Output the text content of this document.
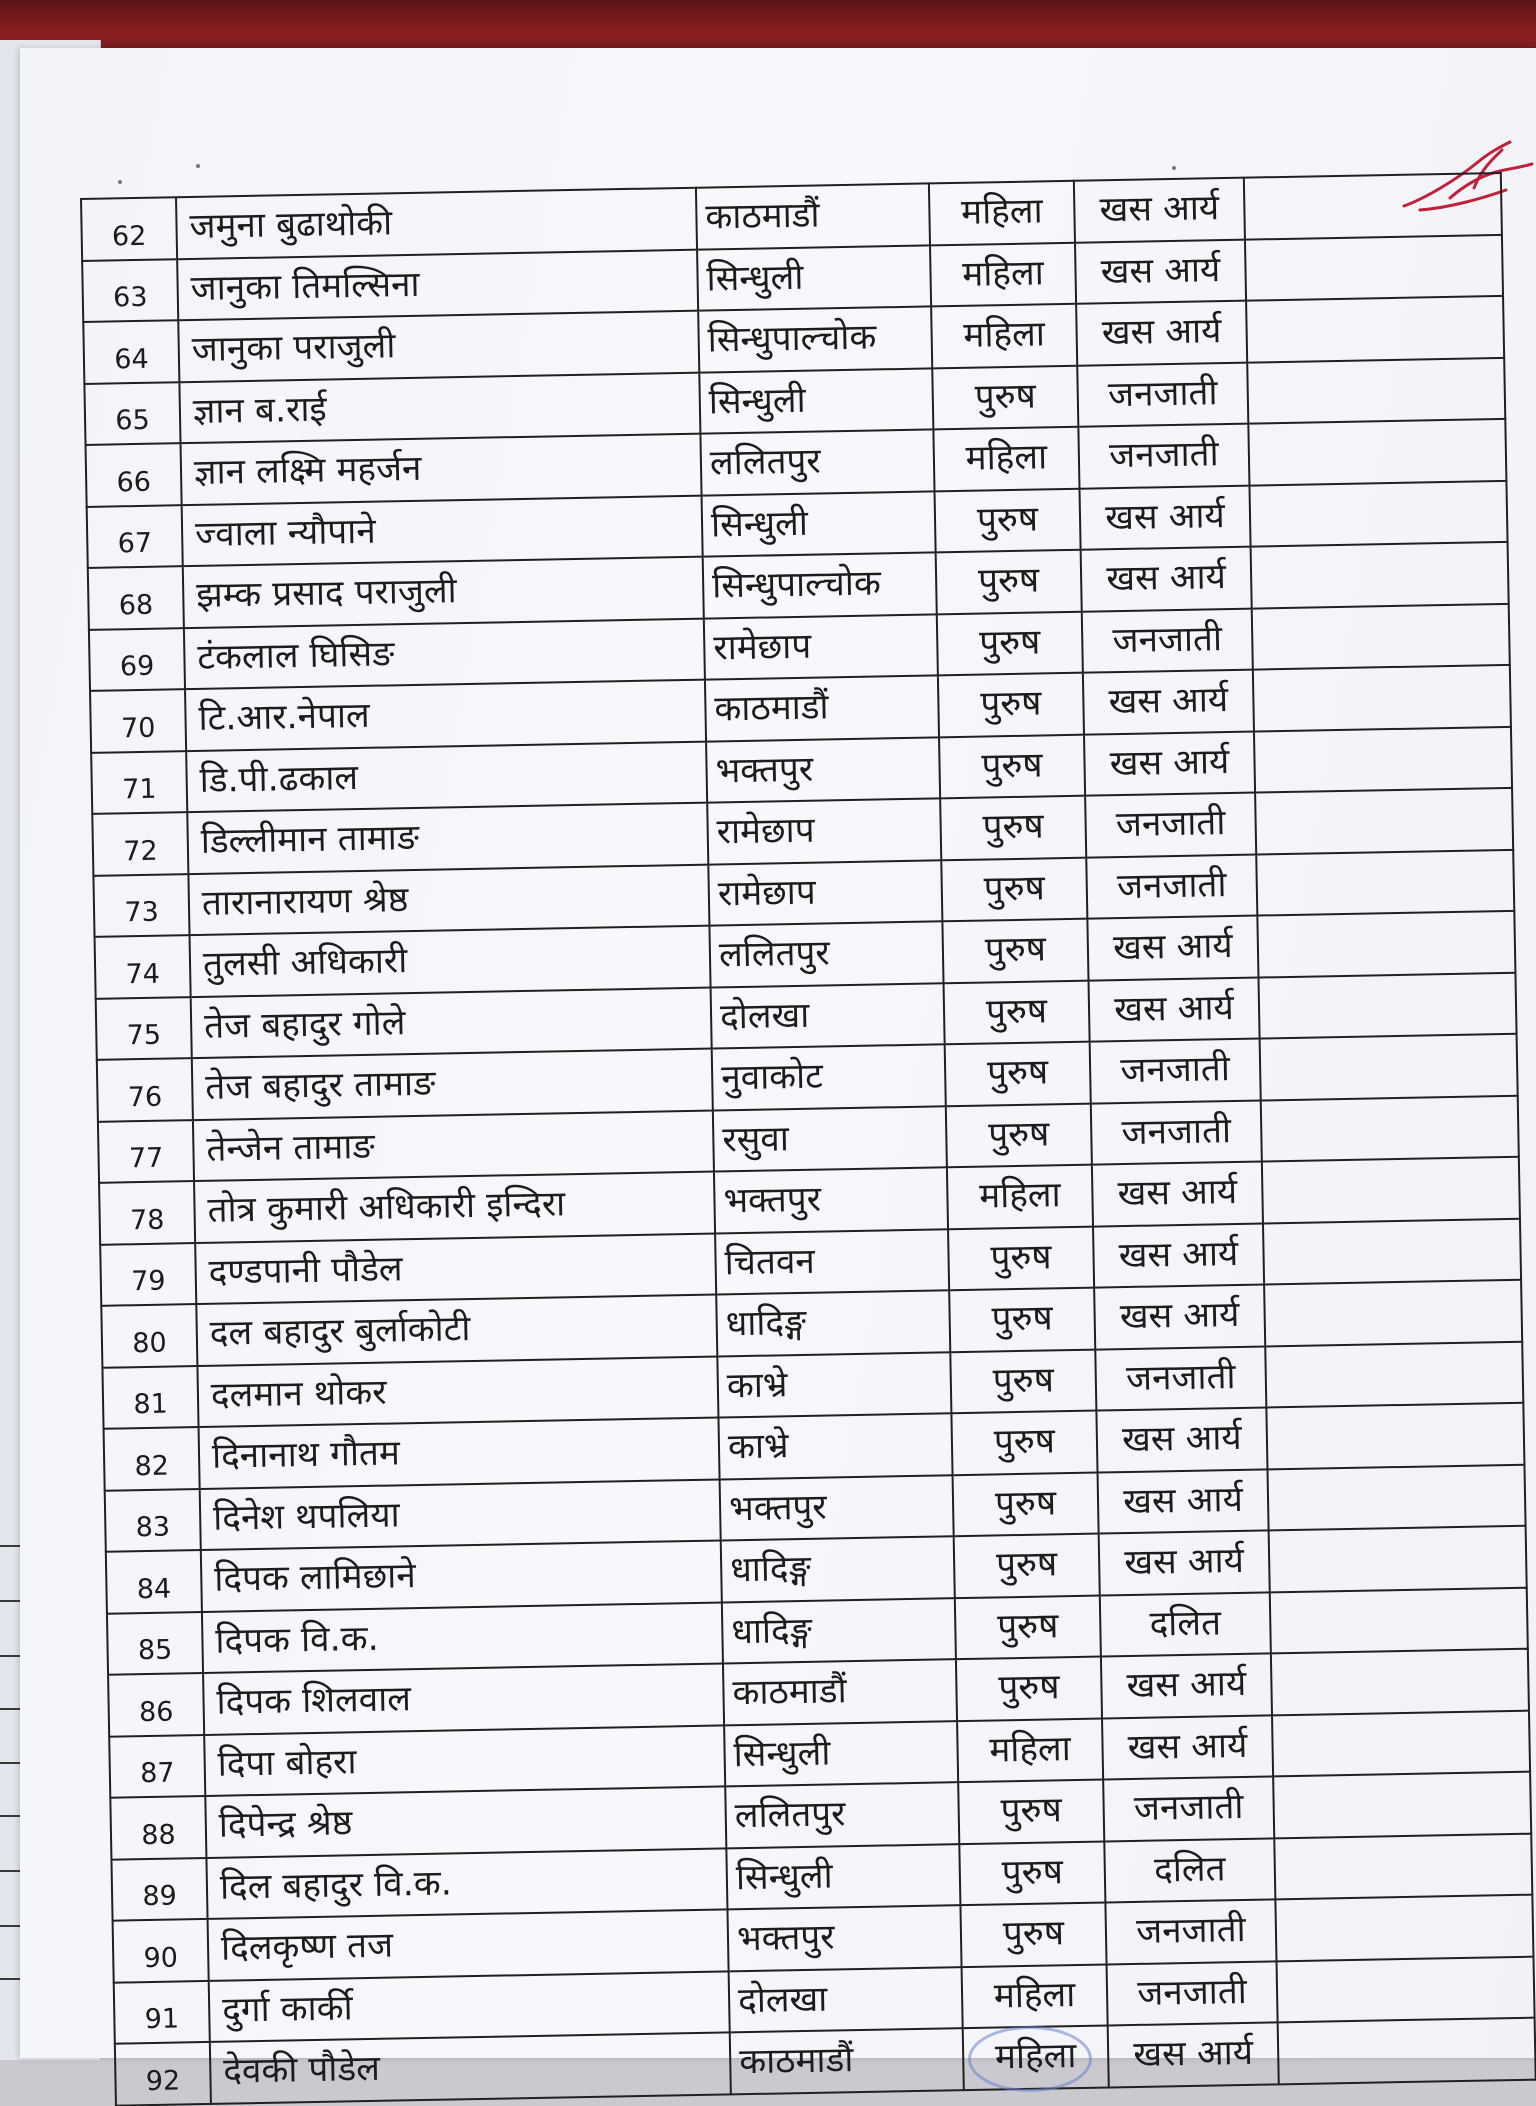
62	जमुना बुढाथोकी	काठमाडौं	महिला	खस आर्य	
63	जानुका तिमल्सिना	सिन्धुली	महिला	खस आर्य	
64	जानुका पराजुली	सिन्धुपाल्चोक	महिला	खस आर्य	
65	ज्ञान ब.राई	सिन्धुली	पुरुष	जनजाती	
66	ज्ञान लक्ष्मि महर्जन	ललितपुर	महिला	जनजाती	
67	ज्वाला न्यौपाने	सिन्धुली	पुरुष	खस आर्य	
68	झम्क प्रसाद पराजुली	सिन्धुपाल्चोक	पुरुष	खस आर्य	
69	टंकलाल घिसिङ	रामेछाप	पुरुष	जनजाती	
70	टि.आर.नेपाल	काठमाडौं	पुरुष	खस आर्य	
71	डि.पी.ढकाल	भक्तपुर	पुरुष	खस आर्य	
72	डिल्लीमान तामाङ	रामेछाप	पुरुष	जनजाती	
73	तारानारायण श्रेष्ठ	रामेछाप	पुरुष	जनजाती	
74	तुलसी अधिकारी	ललितपुर	पुरुष	खस आर्य	
75	तेज बहादुर गोले	दोलखा	पुरुष	खस आर्य	
76	तेज बहादुर तामाङ	नुवाकोट	पुरुष	जनजाती	
77	तेन्जेन तामाङ	रसुवा	पुरुष	जनजाती	
78	तोत्र कुमारी अधिकारी इन्दिरा	भक्तपुर	महिला	खस आर्य	
79	दण्डपानी पौडेल	चितवन	पुरुष	खस आर्य	
80	दल बहादुर बुर्लाकोटी	धादिङ्ग	पुरुष	खस आर्य	
81	दलमान थोकर	काभ्रे	पुरुष	जनजाती	
82	दिनानाथ गौतम	काभ्रे	पुरुष	खस आर्य	
83	दिनेश थपलिया	भक्तपुर	पुरुष	खस आर्य	
84	दिपक लामिछाने	धादिङ्ग	पुरुष	खस आर्य	
85	दिपक वि.क.	धादिङ्ग	पुरुष	दलित	
86	दिपक शिलवाल	काठमाडौं	पुरुष	खस आर्य	
87	दिपा बोहरा	सिन्धुली	महिला	खस आर्य	
88	दिपेन्द्र श्रेष्ठ	ललितपुर	पुरुष	जनजाती	
89	दिल बहादुर वि.क.	सिन्धुली	पुरुष	दलित	
90	दिलकृष्ण तज	भक्तपुर	पुरुष	जनजाती	
91	दुर्गा कार्की	दोलखा	महिला	जनजाती	
92	देवकी पौडेल	काठमाडौं	महिला	खस आर्य	
